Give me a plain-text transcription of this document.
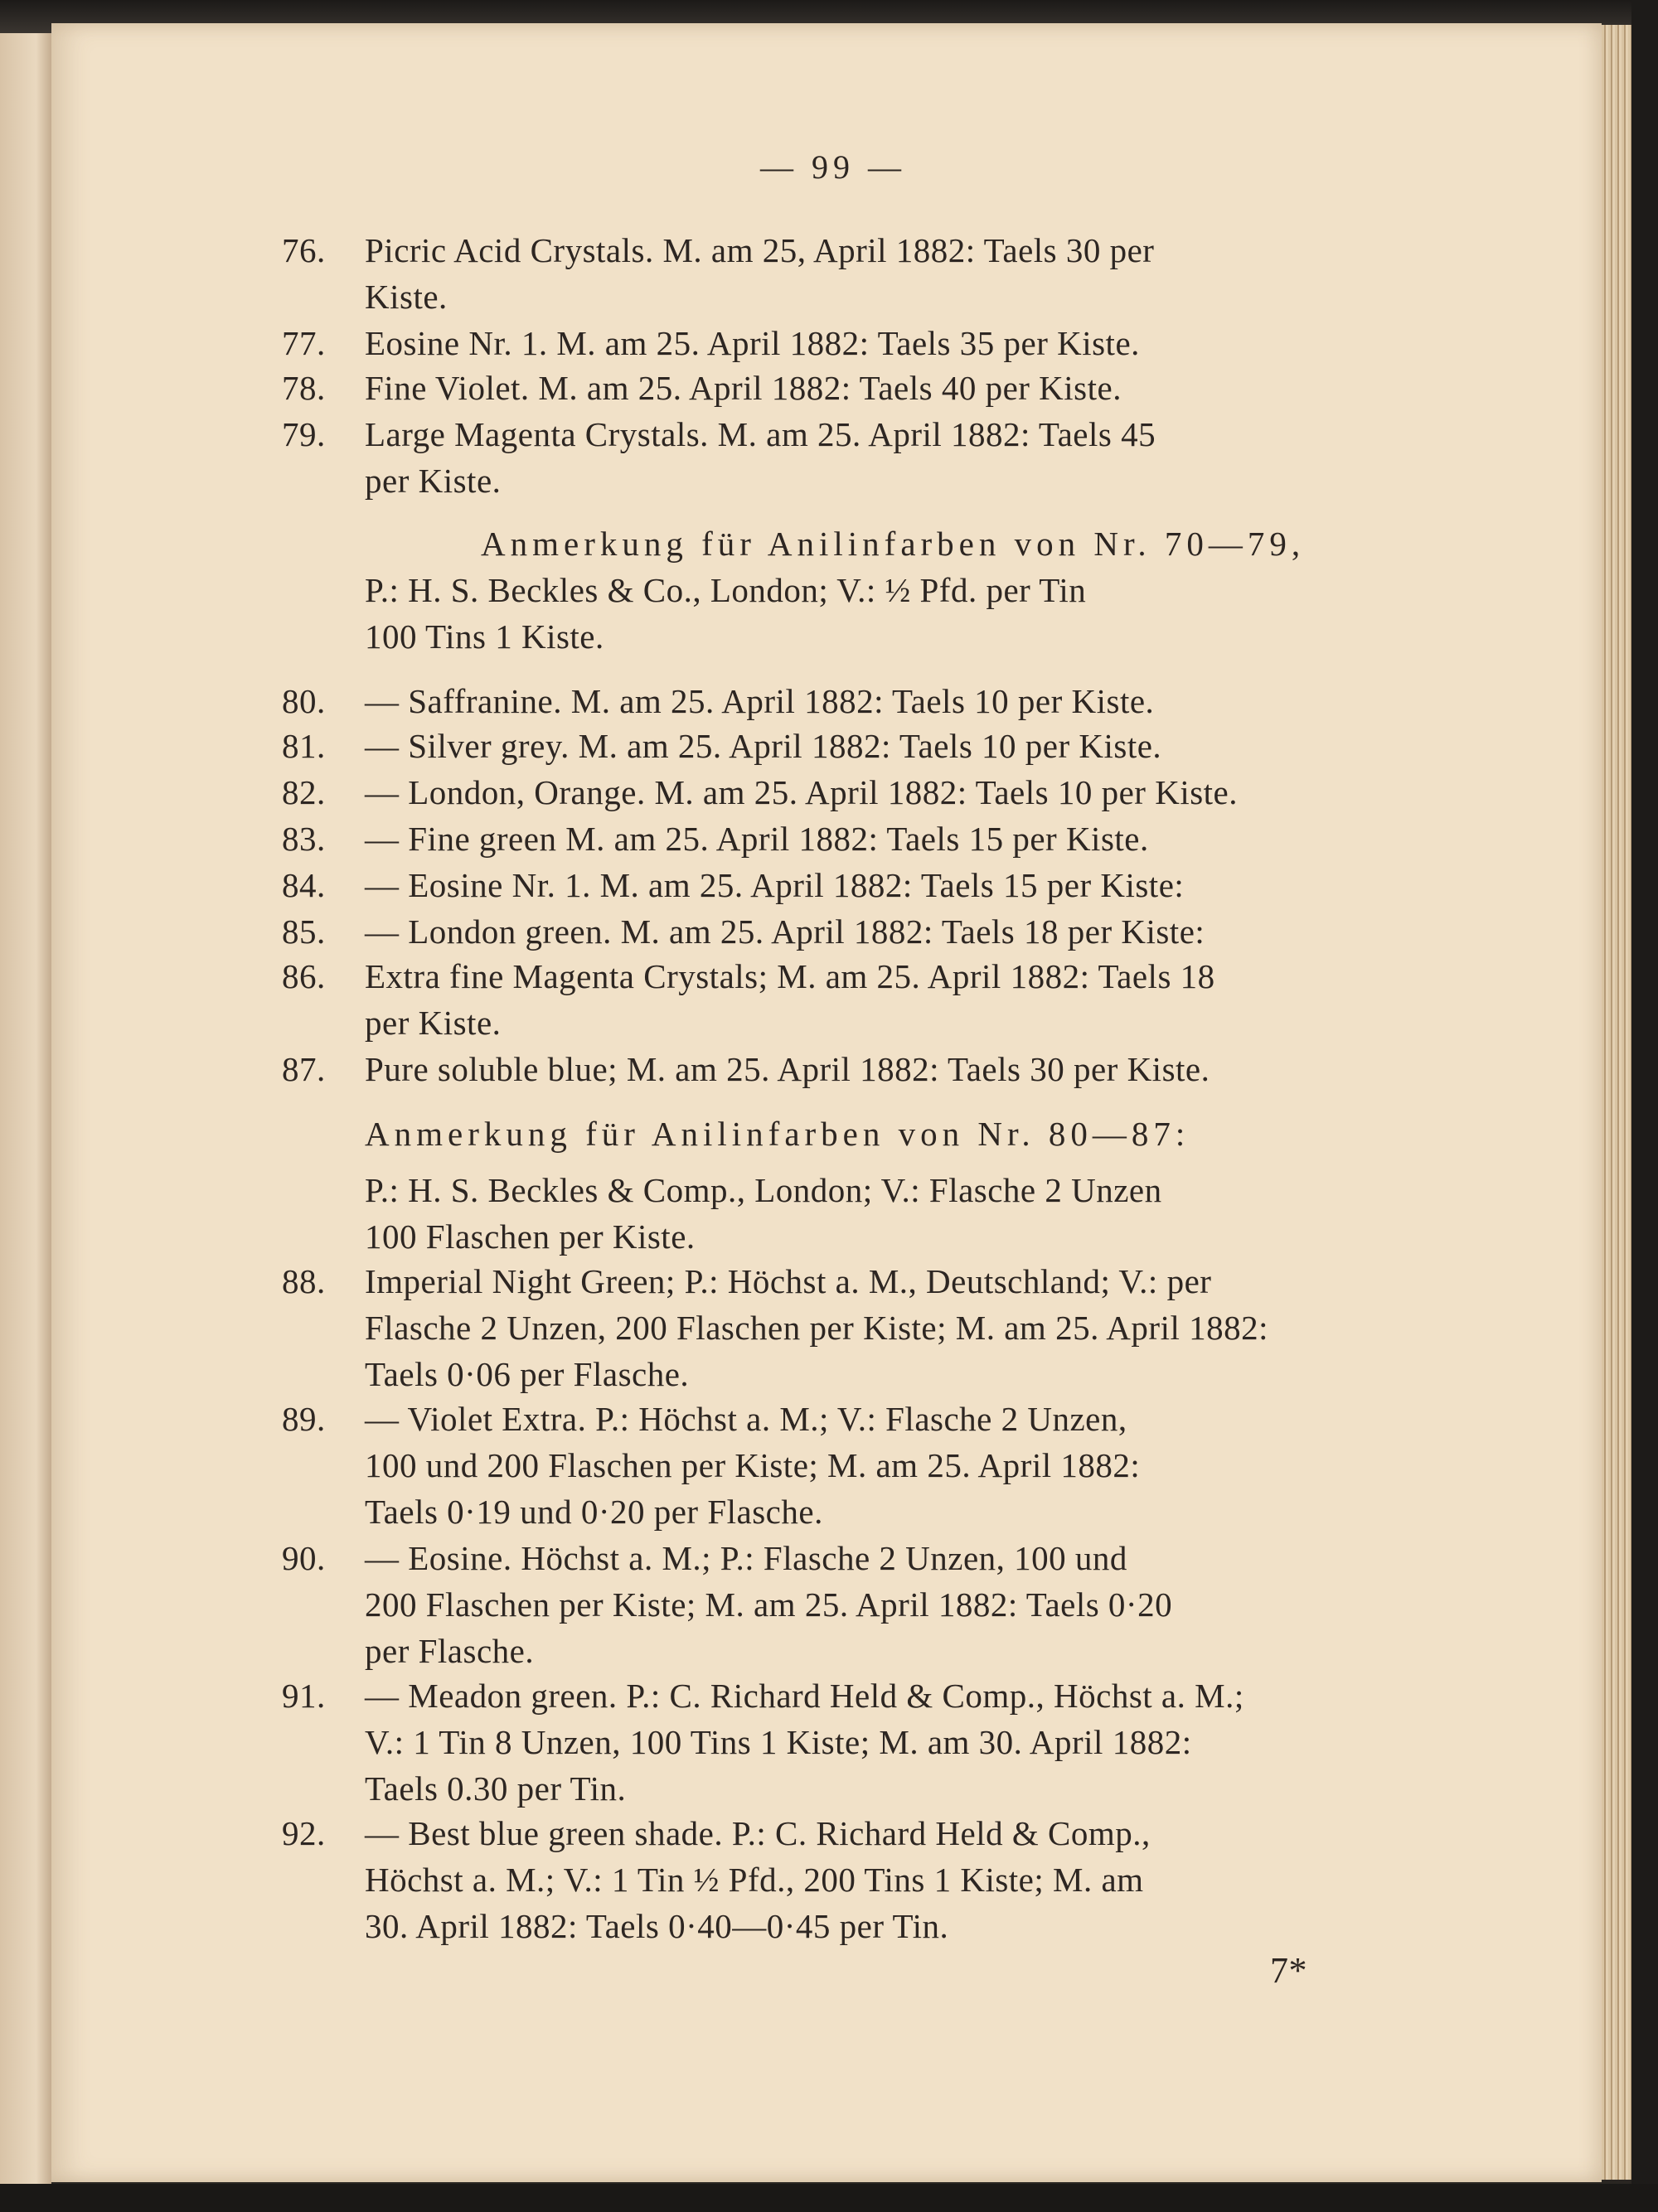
— 99 —
76.	Picric Acid Crystals. M. am 25, April 1882: Taels 30 per
Kiste.
77.	Eosine Nr. 1. M. am 25. April 1882: Taels 35 per Kiste.
78.	Fine Violet. M. am 25. April 1882: Taels 40 per Kiste.
79.	Large Magenta Crystals. M. am 25. April 1882: Taels 45
per Kiste.
Anmerkung für Anilinfarben von Nr. 70—79,
P.: H. S. Beckles & Co., London; V.: ½ Pfd. per Tin
100 Tins 1 Kiste.
80.	— Saffranine. M. am 25. April 1882: Taels 10 per Kiste.
81.	— Silver grey. M. am 25. April 1882: Taels 10 per Kiste.
82.	— London, Orange. M. am 25. April 1882: Taels 10 per Kiste.
83.	— Fine green M. am 25. April 1882: Taels 15 per Kiste.
84.	— Eosine Nr. 1. M. am 25. April 1882: Taels 15 per Kiste:
85.	— London green. M. am 25. April 1882: Taels 18 per Kiste:
86.	Extra fine Magenta Crystals; M. am 25. April 1882: Taels 18
per Kiste.
87.	Pure soluble blue; M. am 25. April 1882: Taels 30 per Kiste.
Anmerkung für Anilinfarben von Nr. 80—87:
P.: H. S. Beckles & Comp., London; V.: Flasche 2 Unzen
100 Flaschen per Kiste.
88.	Imperial Night Green; P.: Höchst a. M., Deutschland; V.: per
Flasche 2 Unzen, 200 Flaschen per Kiste; M. am 25. April 1882:
Taels 0·06 per Flasche.
89.	— Violet Extra. P.: Höchst a. M.; V.: Flasche 2 Unzen,
100 und 200 Flaschen per Kiste; M. am 25. April 1882:
Taels 0·19 und 0·20 per Flasche.
90.	— Eosine. Höchst a. M.; P.: Flasche 2 Unzen, 100 und
200 Flaschen per Kiste; M. am 25. April 1882: Taels 0·20
per Flasche.
91.	— Meadon green. P.: C. Richard Held & Comp., Höchst a. M.;
V.: 1 Tin 8 Unzen, 100 Tins 1 Kiste; M. am 30. April 1882:
Taels 0.30 per Tin.
92.	— Best blue green shade. P.: C. Richard Held & Comp.,
Höchst a. M.; V.: 1 Tin ½ Pfd., 200 Tins 1 Kiste; M. am
30. April 1882: Taels 0·40—0·45 per Tin.
7*
